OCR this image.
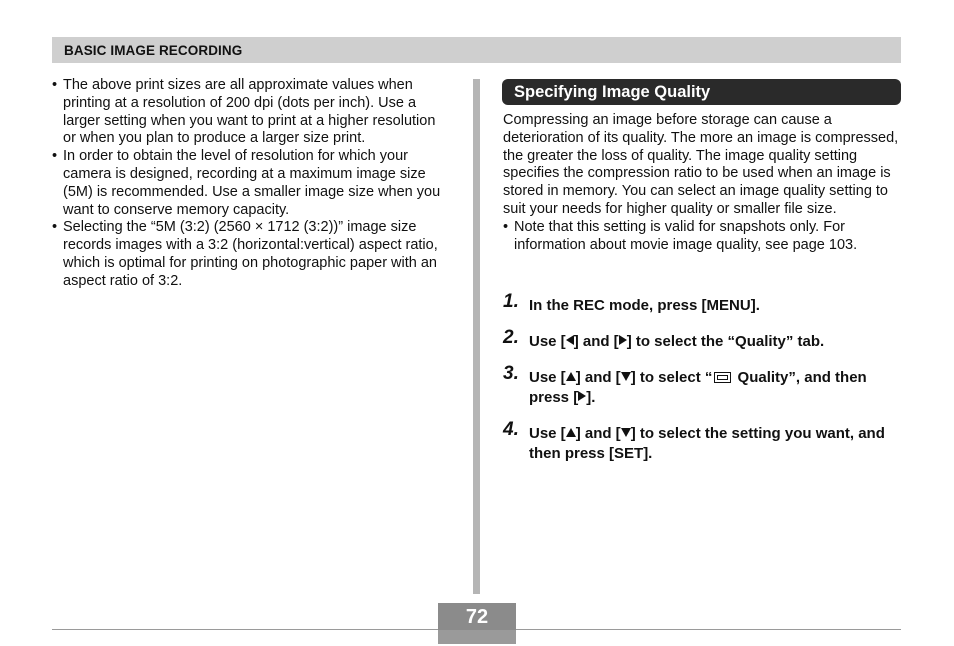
BASIC IMAGE RECORDING
• The above print sizes are all approximate values when printing at a resolution of 200 dpi (dots per inch). Use a larger setting when you want to print at a higher resolution or when you plan to produce a larger size print.
• In order to obtain the level of resolution for which your camera is designed, recording at a maximum image size (5M) is recommended. Use a smaller image size when you want to conserve memory capacity.
• Selecting the “5M (3:2) (2560 × 1712 (3:2))” image size records images with a 3:2 (horizontal:vertical) aspect ratio, which is optimal for printing on photographic paper with an aspect ratio of 3:2.
Specifying Image Quality
Compressing an image before storage can cause a deterioration of its quality. The more an image is compressed, the greater the loss of quality. The image quality setting specifies the compression ratio to be used when an image is stored in memory. You can select an image quality setting to suit your needs for higher quality or smaller file size.
• Note that this setting is valid for snapshots only. For information about movie image quality, see page 103.
1. In the REC mode, press [MENU].
2. Use [ ] and [ ] to select the “Quality” tab.
3. Use [ ] and [ ] to select “ Quality”, and then press [ ].
4. Use [ ] and [ ] to select the setting you want, and then press [SET].
72
